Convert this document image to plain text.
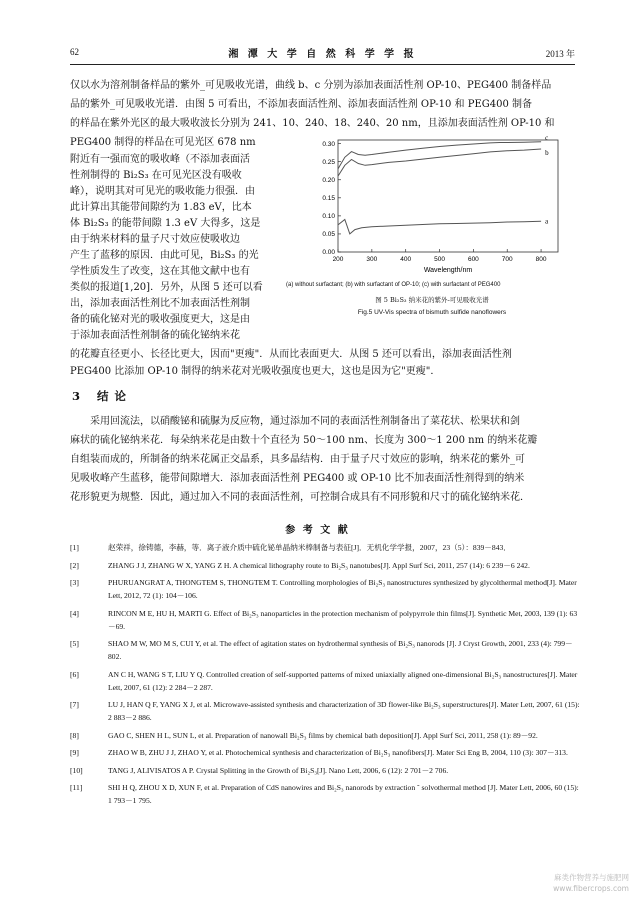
62	湘 潭 大 学 自 然 科 学 学 报	2013 年
仅以水为溶剂制备样品的紫外_可见吸收光谱，曲线 b、c 分别为添加表面活性剂 OP-10、PEG400 制备样品
品的紫外_可见吸收光谱．由图 5 可看出，不添加表面活性剂、添加表面活性剂 OP-10 和 PEG400 制备
的样品在紫外光区的最大吸收波长分别为 241、10、240、18、240、20 nm，且添加表面活性剂 OP-10 和
PEG400 制得的样品在可见光区 678 nm
附近有一强而宽的吸收峰（不添加表面活
性剂制得的 Bi₂S₃ 在可见光区没有吸收
峰），说明其对可见光的吸收能力很强．由
此计算出其能带间隙约为 1.83 eV，比本
体 Bi₂S₃ 的能带间隙 1.3 eV 大得多，这是
由于纳米材料的量子尺寸效应使吸收边
产生了蓝移的原因．由此可见，Bi₂S₃ 的光
学性质发生了改变，这在其他文献中也有
类似的报道[1,20]．另外，从图 5 还可以看
出，添加表面活性剂比不加表面活性剂制
备的硫化铋对光的吸收强度更大，这是由
于添加表面活性剂制备的硫化铋纳米花
的花瓣直径更小、长径比更大，因而"更瘦"．从而比表面更大．从图 5 还可以看出，添加表面活性剂
PEG400 比添加 OP-10 制得的纳米花对光吸收强度也更大，这也是因为它"更瘦"．
200	300	400	500	600	700	800
0.00
0.05
0.10
0.15
0.20
0.25
0.30
Wavelength/nm
a
b
c
(a) without surfactant; (b) with surfactant of OP-10; (c) with surfactant of PEG400
图 5 Bi₂S₃ 纳米花的紫外-可见吸收光谱
Fig.5 UV-Vis spectra of bismuth sulfide nanoflowers
3 结 论
采用回流法，以硝酸铋和硫脲为反应物，通过添加不同的表面活性剂制备出了菜花状、松果状和剑
麻状的硫化铋纳米花．每朵纳米花是由数十个直径为 50～100 nm、长度为 300～1 200 nm 的纳米花瓣
自组装而成的，所制备的纳米花属正交晶系，具多晶结构．由于量子尺寸效应的影响，纳米花的紫外_可
见吸收峰产生蓝移，能带间隙增大．添加表面活性剂 PEG400 或 OP-10 比不加表面活性剂得到的纳米
花形貌更为规整．因此，通过加入不同的表面活性剂，可控制合成具有不同形貌和尺寸的硫化铋纳米花．
参 考 文 献
[1]	赵荣祥，徐铸德，李赫，等．离子液介质中硫化铋单晶纳米棒制备与表征[J]．无机化学学报，2007，23（5）：839－843．
[2]	ZHANG J J, ZHANG W X, YANG Z H. A chemical lithography route to Bi₂S₃ nanotubes[J]. Appl Surf Sci, 2011, 257 (14): 6 239－6 242.
[3]	PHURUANGRAT A, THONGTEM S, THONGTEM T. Controlling morphologies of Bi₂S₃ nanostructures synthesized by glycolthermal method[J]. Mater Lett, 2012, 72 (1): 104－106.
[4]	RINCON M E, HU H, MARTI G. Effect of Bi₂S₃ nanoparticles in the protection mechanism of polypyrrole thin films[J]. Synthetic Met, 2003, 139 (1): 63－69.
[5]	SHAO M W, MO M S, CUI Y, et al. The effect of agitation states on hydrothermal synthesis of Bi₂S₃ nanorods [J]. J Cryst Growth, 2001, 233 (4): 799－802.
[6]	AN C H, WANG S T, LIU Y Q. Controlled creation of self-supported patterns of mixed uniaxially aligned one-dimensional Bi₂S₃ nanostructures[J]. Mater Lett, 2007, 61 (12): 2 284－2 287.
[7]	LU J, HAN Q F, YANG X J, et al. Microwave-assisted synthesis and characterization of 3D flower-like Bi₂S₃ superstructures[J]. Mater Lett, 2007, 61 (15): 2 883－2 886.
[8]	GAO C, SHEN H L, SUN L, et al. Preparation of nanowall Bi₂S₃ films by chemical bath deposition[J]. Appl Surf Sci, 2011, 258 (1): 89－92.
[9]	ZHAO W B, ZHU J J, ZHAO Y, et al. Photochemical synthesis and characterization of Bi₂S₃ nanofibers[J]. Mater Sci Eng B, 2004, 110 (3): 307－313.
[10]	TANG J, ALIVISATOS A P. Crystal Splitting in the Growth of Bi₂S₃[J]. Nano Lett, 2006, 6 (12): 2 701－2 706.
[11]	SHI H Q, ZHOU X D, XUN F, et al. Preparation of CdS nanowires and Bi₂S₃ nanorods by extraction ˜ solvothermal method [J]. Mater Lett, 2006, 60 (15): 1 793－1 795.
麻类作物营养与施肥网
www.fibercrops.com
